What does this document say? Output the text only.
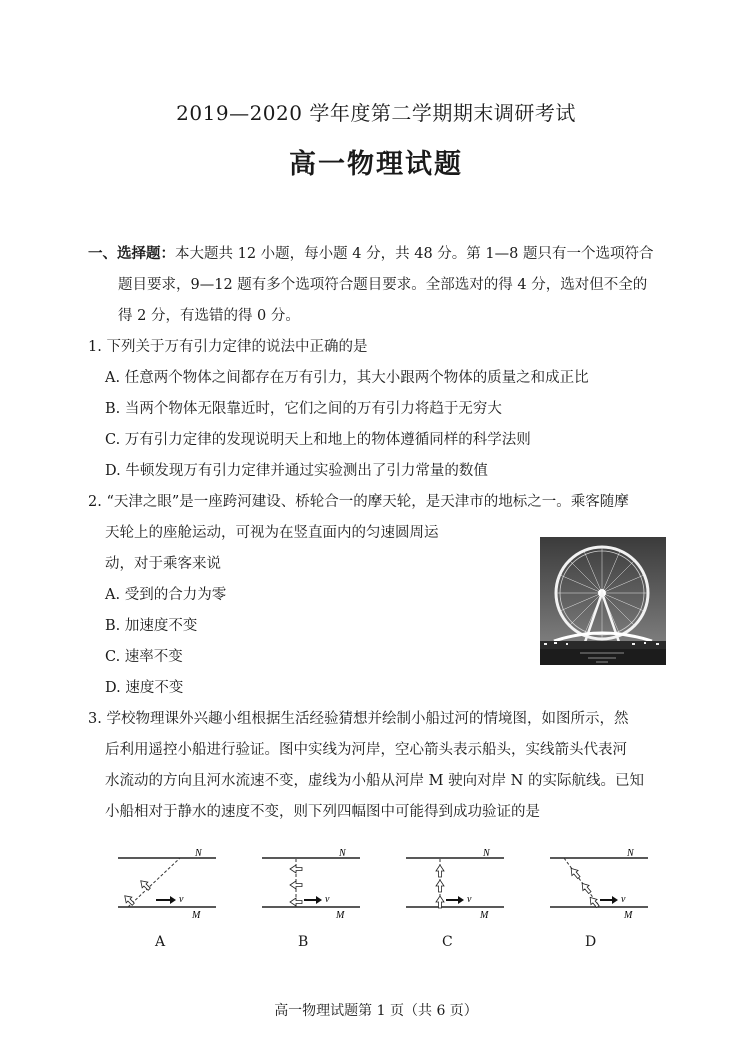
2019—2020 学年度第二学期期末调研考试
高一物理试题
一、选择题：本大题共 12 小题，每小题 4 分，共 48 分。第 1—8 题只有一个选项符合
题目要求，9—12 题有多个选项符合题目要求。全部选对的得 4 分，选对但不全的
得 2 分，有选错的得 0 分。
1. 下列关于万有引力定律的说法中正确的是
A. 任意两个物体之间都存在万有引力，其大小跟两个物体的质量之和成正比
B. 当两个物体无限靠近时，它们之间的万有引力将趋于无穷大
C. 万有引力定律的发现说明天上和地上的物体遵循同样的科学法则
D. 牛顿发现万有引力定律并通过实验测出了引力常量的数值
2. “天津之眼”是一座跨河建设、桥轮合一的摩天轮，是天津市的地标之一。乘客随摩
天轮上的座舱运动，可视为在竖直面内的匀速圆周运
动，对于乘客来说
A. 受到的合力为零
B. 加速度不变
C. 速率不变
D. 速度不变
3. 学校物理课外兴趣小组根据生活经验猜想并绘制小船过河的情境图，如图所示，然
后利用遥控小船进行验证。图中实线为河岸，空心箭头表示船头，实线箭头代表河
水流动的方向且河水流速不变，虚线为小船从河岸 M 驶向对岸 N 的实际航线。已知
小船相对于静水的速度不变，则下列四幅图中可能得到成功验证的是
N
v
M
A
N
v
M
B
N
v
M
C
N
v
M
D
高一物理试题第 1 页（共 6 页）
